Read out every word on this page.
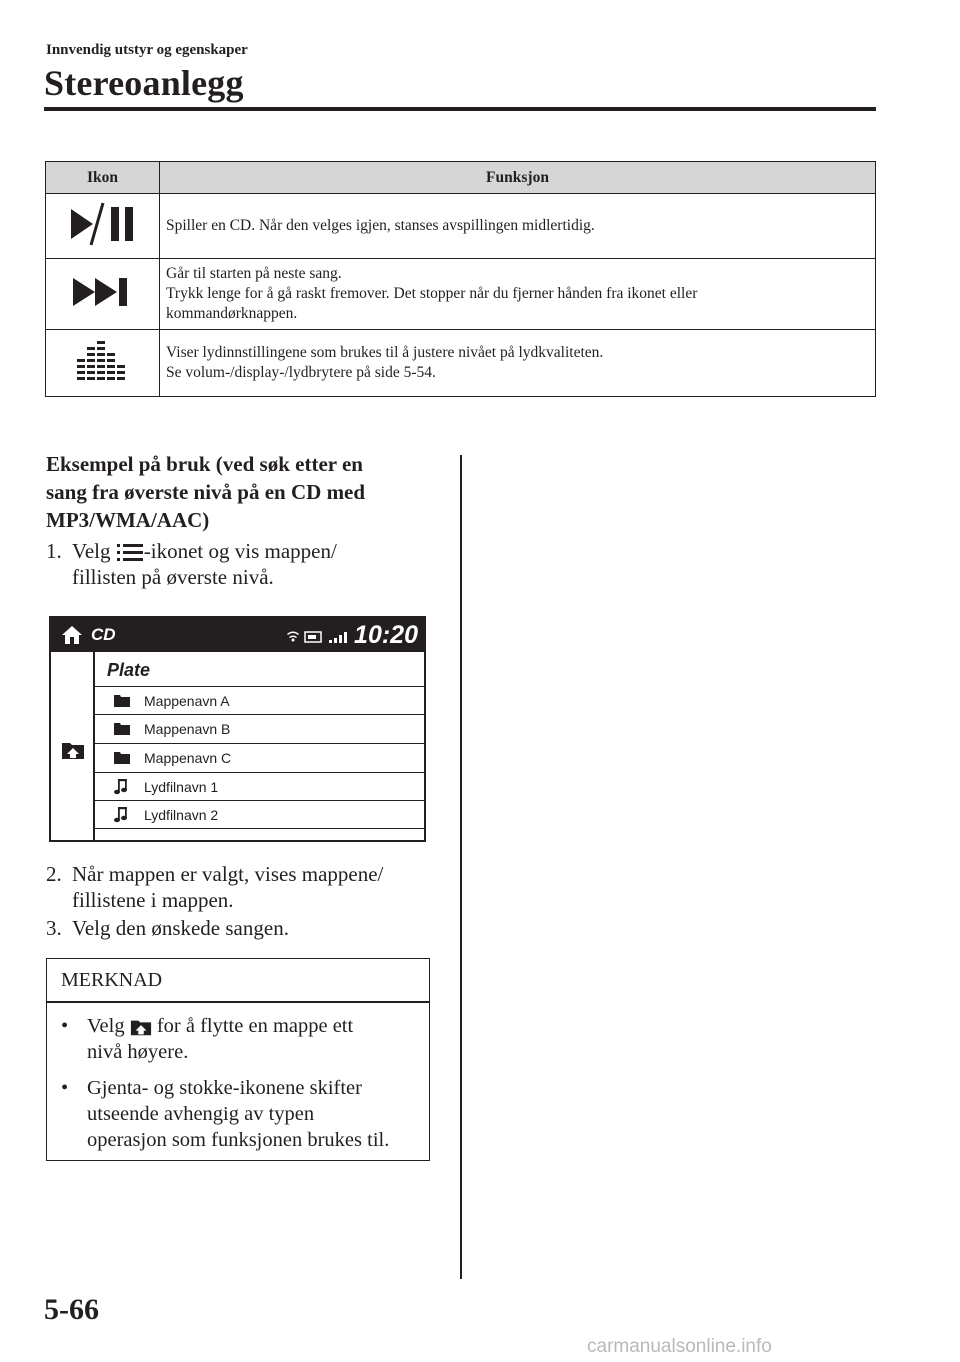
Innvendig utstyr og egenskaper
Stereoanlegg
Ikon	Funksjon

Spiller en CD. Når den velges igjen, stanses avspillingen midlertidig.

Går til starten på neste sang.
Trykk lenge for å gå raskt fremover. Det stopper når du fjerner hånden fra ikonet eller
kommandørknappen.

Viser lydinnstillingene som brukes til å justere nivået på lydkvaliteten.
Se volum-/display-/lydbrytere på side 5-54.
Eksempel på bruk (ved søk etter en
sang fra øverste nivå på en CD med
MP3/WMA/AAC)
1. Velg -ikonet og vis mappen/
fillisten på øverste nivå.
CD	10:20
Plate
Mappenavn A
Mappenavn B
Mappenavn C
Lydfilnavn 1
Lydfilnavn 2
2. Når mappen er valgt, vises mappene/
fillistene i mappen.
3. Velg den ønskede sangen.
MERKNAD
• Velg for å flytte en mappe ett
nivå høyere.
• Gjenta- og stokke-ikonene skifter
utseende avhengig av typen
operasjon som funksjonen brukes til.
5-66
carmanualsonline.info
